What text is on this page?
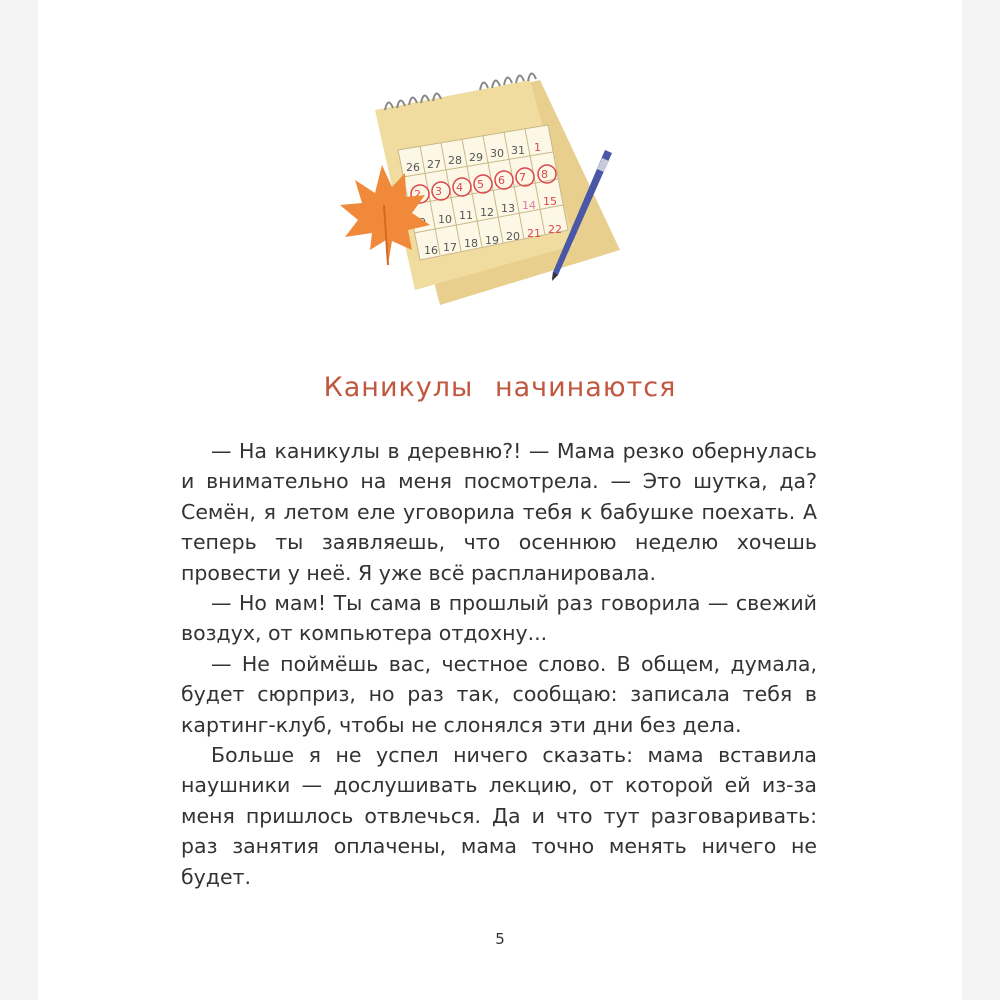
26 27 28 29 30 31 1
2 3 4 5 6 7 8
10 11 12 13 14 15
16 17 18 19 20 21 22
Каникулы начинаются

— На каникулы в деревню?! — Мама резко обернулась и внимательно на меня посмотрела. — Это шутка, да? Семён, я летом еле уговорила тебя к бабушке поехать. А теперь ты заявляешь, что осеннюю неделю хочешь провести у неё. Я уже всё распланировала.

— Но мам! Ты сама в прошлый раз говорила — свежий воздух, от компьютера отдохну...

— Не поймёшь вас, честное слово. В общем, думала, будет сюрприз, но раз так, сообщаю: записала тебя в картинг-клуб, чтобы не слонялся эти дни без дела.

Больше я не успел ничего сказать: мама вставила наушники — дослушивать лекцию, от которой ей из-за меня пришлось отвлечься. Да и что тут разговаривать: раз занятия оплачены, мама точно менять ничего не будет.

5
